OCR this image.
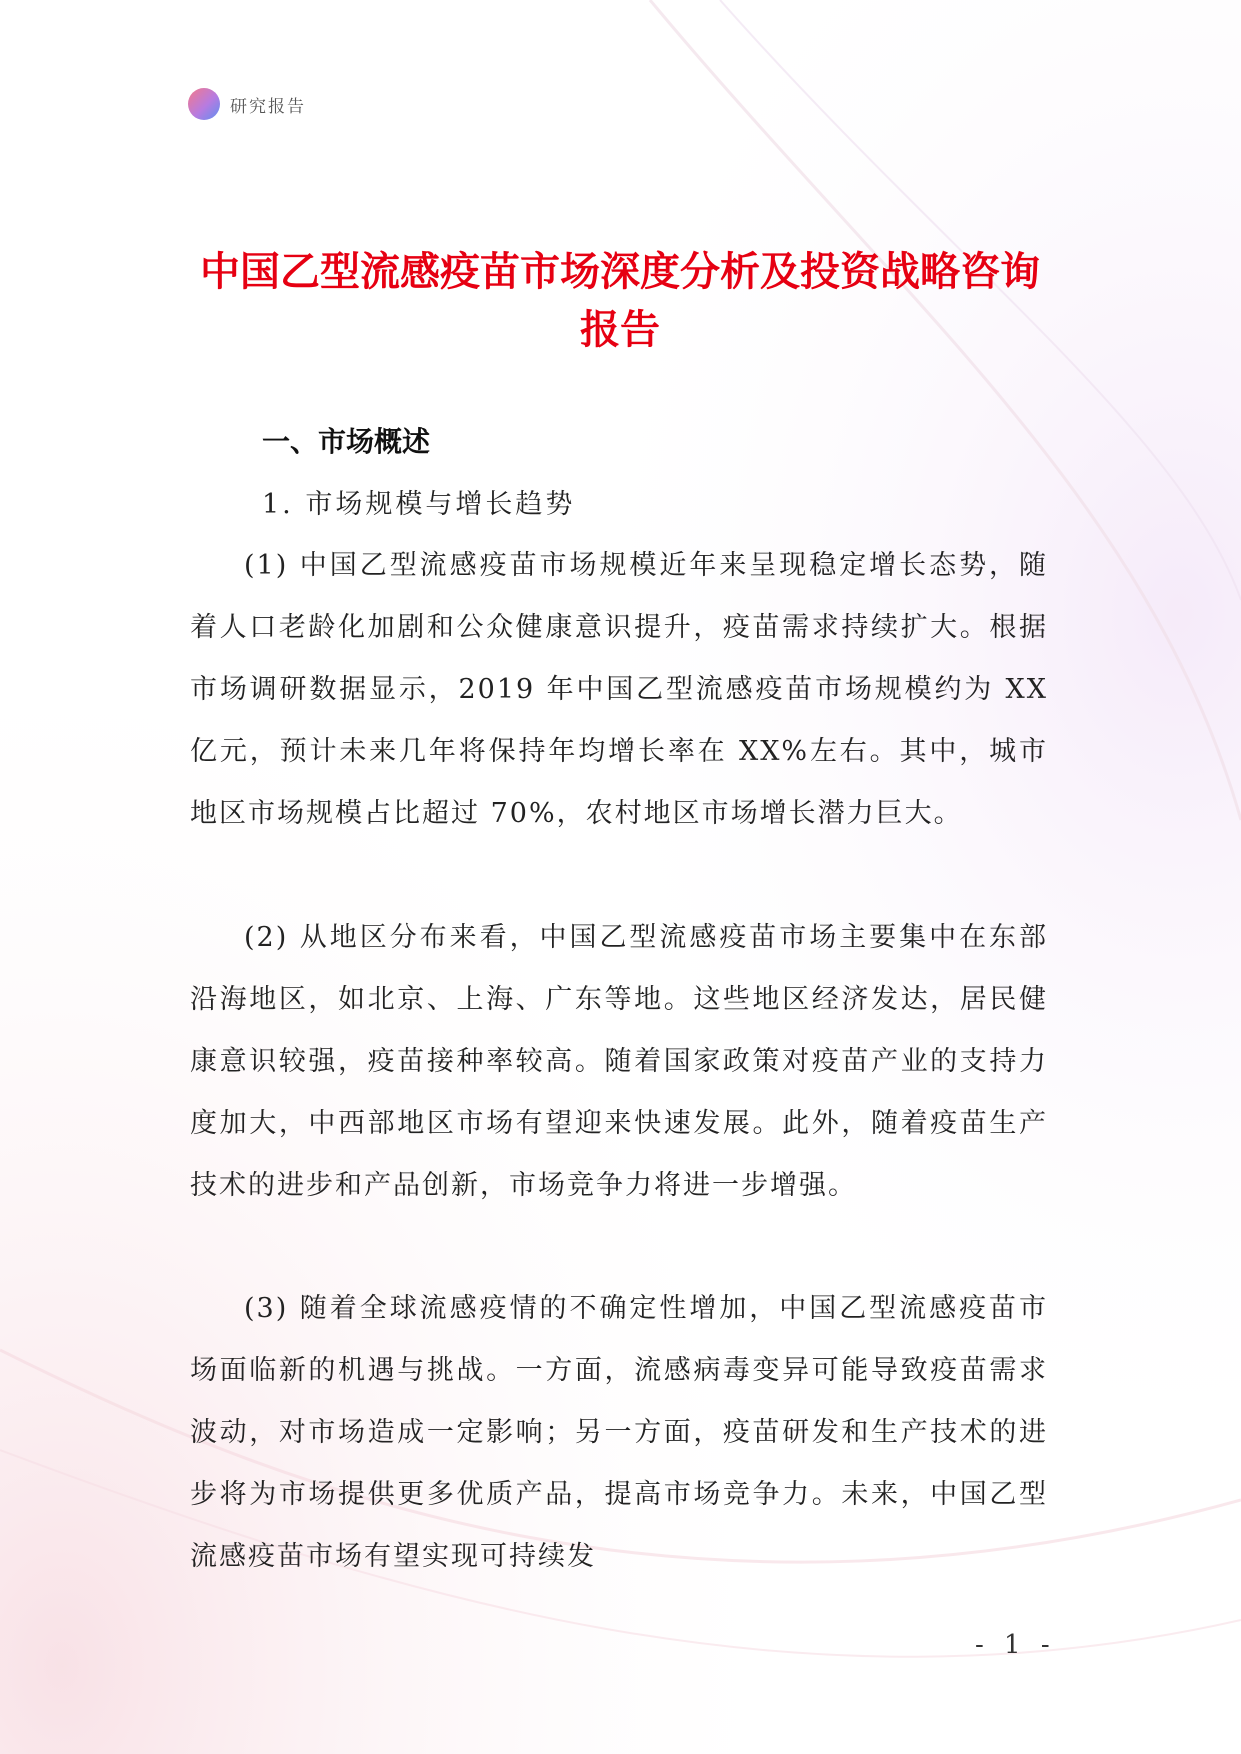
研究报告
中国乙型流感疫苗市场深度分析及投资战略咨询报告
一、市场概述
1. 市场规模与增长趋势

(1) 中国乙型流感疫苗市场规模近年来呈现稳定增长态势，随着人口老龄化加剧和公众健康意识提升，疫苗需求持续扩大。根据市场调研数据显示，2019 年中国乙型流感疫苗市场规模约为 XX 亿元，预计未来几年将保持年均增长率在 XX%左右。其中，城市地区市场规模占比超过 70%，农村地区市场增长潜力巨大。

(2) 从地区分布来看，中国乙型流感疫苗市场主要集中在东部沿海地区，如北京、上海、广东等地。这些地区经济发达，居民健康意识较强，疫苗接种率较高。随着国家政策对疫苗产业的支持力度加大，中西部地区市场有望迎来快速发展。此外，随着疫苗生产技术的进步和产品创新，市场竞争力将进一步增强。

(3) 随着全球流感疫情的不确定性增加，中国乙型流感疫苗市场面临新的机遇与挑战。一方面，流感病毒变异可能导致疫苗需求波动，对市场造成一定影响；另一方面，疫苗研发和生产技术的进步将为市场提供更多优质产品，提高市场竞争力。未来，中国乙型流感疫苗市场有望实现可持续发

- 1 -
